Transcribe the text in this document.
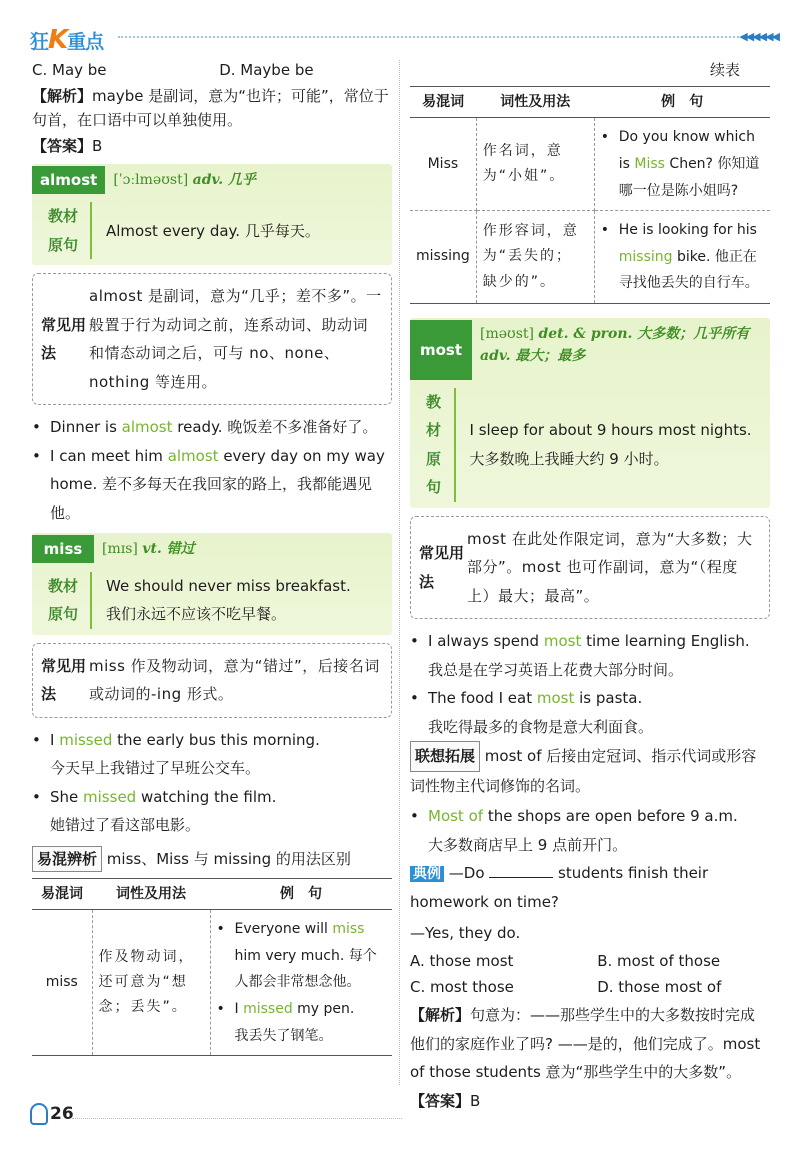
狂K重点	◀◀◀◀◀◀
C. May be	D. Maybe be

【解析】maybe 是副词，意为“也许；可能”，常位于句首，在口语中可以单独使用。

【答案】B

almost	[ˈɔːlməʊst] adv. 几乎
教材原句
Almost every day. 几乎每天。
常见用法
almost 是副词，意为“几乎；差不多”。一般置于行为动词之前，连系动词、助动词和情态动词之后，可与 no、none、nothing 等连用。
• Dinner is almost ready. 晚饭差不多准备好了。
• I can meet him almost every day on my way home. 差不多每天在我回家的路上，我都能遇见他。
miss	[mɪs] vt. 错过
教材原句
We should never miss breakfast.
我们永远不应该不吃早餐。
常见用法
miss 作及物动词，意为“错过”，后接名词或动词的-ing 形式。
• I missed the early bus this morning.
今天早上我错过了早班公交车。
• She missed watching the film.
她错过了看这部电影。

易混辨析 miss、Miss 与 missing 的用法区别

易混词	词性及用法	例　句
miss	作及物动词，还可意为“想念；丢失”。	• Everyone will miss him very much. 每个人都会非常想念他。
• I missed my pen.
我丢失了钢笔。
续表
易混词	词性及用法	例　句
Miss	作名词，意为“小姐”。	• Do you know which is Miss Chen? 你知道哪一位是陈小姐吗?

missing	作形容词，意为“丢失的；缺少的”。	• He is looking for his missing bike. 他正在寻找他丢失的自行车。
most
[məʊst] det. & pron. 大多数；几乎所有
adv. 最大；最多
教材原句
I sleep for about 9 hours most nights. 大多数晚上我睡大约 9 小时。
常见用法
most 在此处作限定词，意为“大多数；大部分”。most 也可作副词，意为“（程度上）最大；最高”。
• I always spend most time learning English.
我总是在学习英语上花费大部分时间。
• The food I eat most is pasta.
我吃得最多的食物是意大利面食。

联想拓展 most of 后接由定冠词、指示代词或形容词性物主代词修饰的名词。

• Most of the shops are open before 9 a.m.
大多数商店早上 9 点前开门。

典例 —Do	students finish their homework on time?

—Yes, they do.

A. those most	B. most of those
C. most those	D. those most of

【解析】句意为：——那些学生中的大多数按时完成他们的家庭作业了吗? ——是的，他们完成了。most of those students 意为“那些学生中的大多数”。

【答案】B

26
